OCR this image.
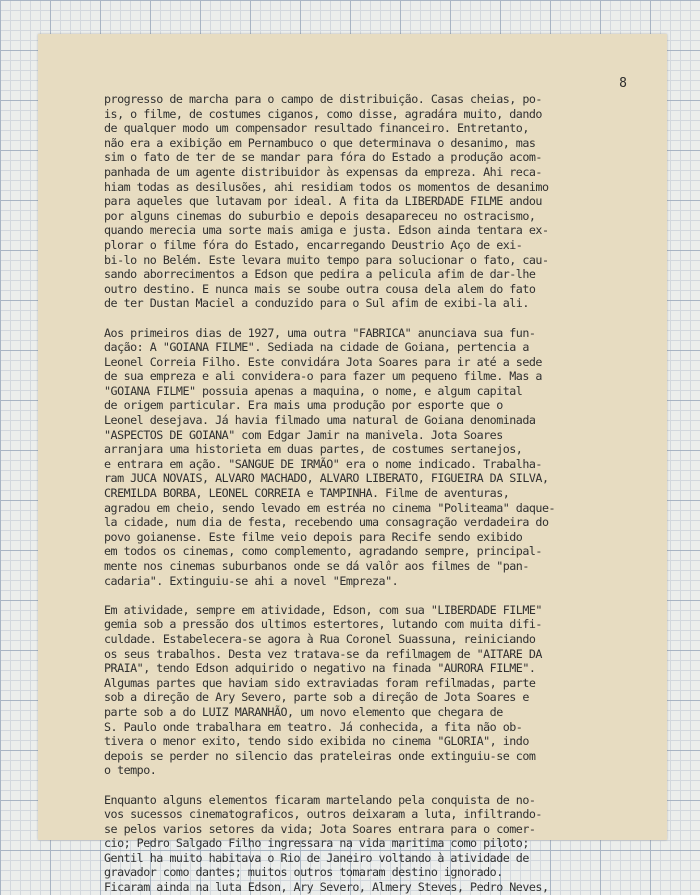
8
progresso de marcha para o campo de distribuição. Casas cheias, po-
is, o filme, de costumes ciganos, como disse, agradára muito, dando
de qualquer modo um compensador resultado financeiro. Entretanto,
não era a exibição em Pernambuco o que determinava o desanimo, mas
sim o fato de ter de se mandar para fóra do Estado a produção acom-
panhada de um agente distribuidor às expensas da empreza. Ahi reca-
hiam todas as desilusões, ahi residiam todos os momentos de desanimo
para aqueles que lutavam por ideal. A fita da LIBERDADE FILME andou
por alguns cinemas do suburbio e depois desapareceu no ostracismo,
quando merecia uma sorte mais amiga e justa. Edson ainda tentara ex-
plorar o filme fóra do Estado, encarregando Deustrio Aço de exi-
bi-lo no Belém. Este levara muito tempo para solucionar o fato, cau-
sando aborrecimentos a Edson que pedira a pelicula afim de dar-lhe
outro destino. E nunca mais se soube outra cousa dela alem do fato
de ter Dustan Maciel a conduzido para o Sul afim de exibi-la ali.
Aos primeiros dias de 1927, uma outra "FABRICA" anunciava sua fun-
dação: A "GOIANA FILME". Sediada na cidade de Goiana, pertencia a
Leonel Correia Filho. Este convidára Jota Soares para ir até a sede
de sua empreza e ali convidera-o para fazer um pequeno filme. Mas a
"GOIANA FILME" possuia apenas a maquina, o nome, e algum capital
de origem particular. Era mais uma produção por esporte que o
Leonel desejava. Já havia filmado uma natural de Goiana denominada
"ASPECTOS DE GOIANA" com Edgar Jamir na manivela. Jota Soares
arranjara uma historieta em duas partes, de costumes sertanejos,
e entrara em ação. "SANGUE DE IRMÃO" era o nome indicado. Trabalha-
ram JUCA NOVAIS, ALVARO MACHADO, ALVARO LIBERATO, FIGUEIRA DA SILVA,
CREMILDA BORBA, LEONEL CORREIA e TAMPINHA. Filme de aventuras,
agradou em cheio, sendo levado em estréa no cinema "Politeama" daque-
la cidade, num dia de festa, recebendo uma consagração verdadeira do
povo goianense. Este filme veio depois para Recife sendo exibido
em todos os cinemas, como complemento, agradando sempre, principal-
mente nos cinemas suburbanos onde se dá valôr aos filmes de "pan-
cadaria". Extinguiu-se ahi a novel "Empreza".
Em atividade, sempre em atividade, Edson, com sua "LIBERDADE FILME"
gemia sob a pressão dos ultimos estertores, lutando com muita difi-
culdade. Estabelecera-se agora à Rua Coronel Suassuna, reiniciando
os seus trabalhos. Desta vez tratava-se da refilmagem de "AITARE DA
PRAIA", tendo Edson adquirido o negativo na finada "AURORA FILME".
Algumas partes que haviam sido extraviadas foram refilmadas, parte
sob a direção de Ary Severo, parte sob a direção de Jota Soares e
parte sob a do LUIZ MARANHÃO, um novo elemento que chegara de
S. Paulo onde trabalhara em teatro. Já conhecida, a fita não ob-
tivera o menor exito, tendo sido exibida no cinema "GLORIA", indo
depois se perder no silencio das prateleiras onde extinguiu-se com
o tempo.
Enquanto alguns elementos ficaram martelando pela conquista de no-
vos sucessos cinematograficos, outros deixaram a luta, infiltrando-
se pelos varios setores da vida; Jota Soares entrara para o comer-
cio; Pedro Salgado Filho ingressara na vida maritima como piloto;
Gentil ha muito habitava o Rio de Janeiro voltando à atividade de
gravador como dantes; muitos outros tomaram destino ignorado.
Ficaram ainda na luta Edson, Ary Severo, Almery Steves, Pedro Neves,
